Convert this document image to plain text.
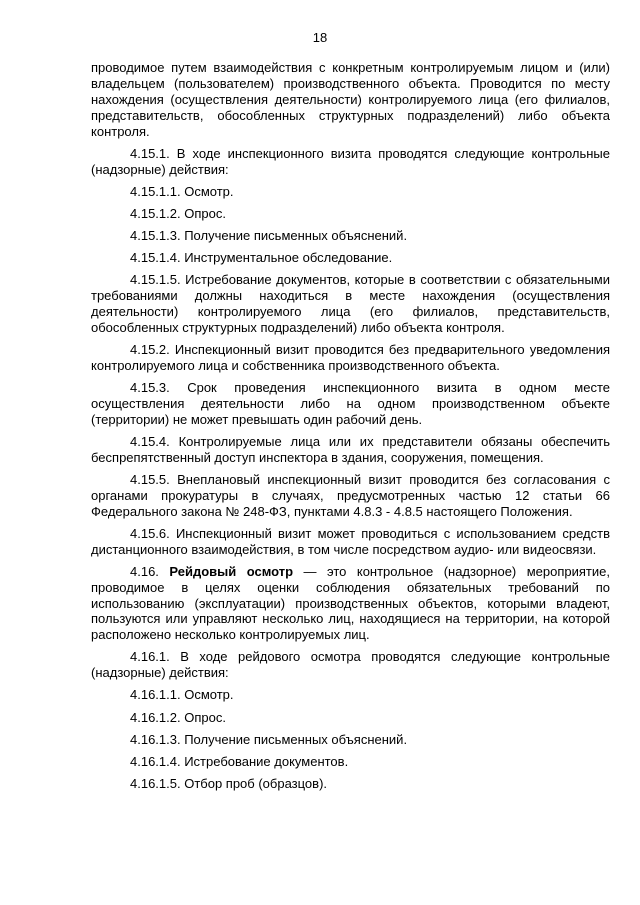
18

проводимое путем взаимодействия с конкретным контролируемым лицом и (или) владельцем (пользователем) производственного объекта. Проводится по месту нахождения (осуществления деятельности) контролируемого лица (его филиалов, представительств, обособленных структурных подразделений) либо объекта контроля.

4.15.1. В ходе инспекционного визита проводятся следующие контрольные (надзорные) действия:

4.15.1.1. Осмотр.

4.15.1.2. Опрос.

4.15.1.3. Получение письменных объяснений.

4.15.1.4. Инструментальное обследование.

4.15.1.5. Истребование документов, которые в соответствии с обязательными требованиями должны находиться в месте нахождения (осуществления деятельности) контролируемого лица (его филиалов, представительств, обособленных структурных подразделений) либо объекта контроля.

4.15.2. Инспекционный визит проводится без предварительного уведомления контролируемого лица и собственника производственного объекта.

4.15.3. Срок проведения инспекционного визита в одном месте осуществления деятельности либо на одном производственном объекте (территории) не может превышать один рабочий день.

4.15.4. Контролируемые лица или их представители обязаны обеспечить беспрепятственный доступ инспектора в здания, сооружения, помещения.

4.15.5. Внеплановый инспекционный визит проводится без согласования с органами прокуратуры в случаях, предусмотренных частью 12 статьи 66 Федерального закона № 248-ФЗ, пунктами 4.8.3 - 4.8.5 настоящего Положения.

4.15.6. Инспекционный визит может проводиться с использованием средств дистанционного взаимодействия, в том числе посредством аудио- или видеосвязи.

4.16. Рейдовый осмотр — это контрольное (надзорное) мероприятие, проводимое в целях оценки соблюдения обязательных требований по использованию (эксплуатации) производственных объектов, которыми владеют, пользуются или управляют несколько лиц, находящиеся на территории, на которой расположено несколько контролируемых лиц.

4.16.1. В ходе рейдового осмотра проводятся следующие контрольные (надзорные) действия:

4.16.1.1. Осмотр.

4.16.1.2. Опрос.

4.16.1.3. Получение письменных объяснений.

4.16.1.4. Истребование документов.

4.16.1.5. Отбор проб (образцов).
